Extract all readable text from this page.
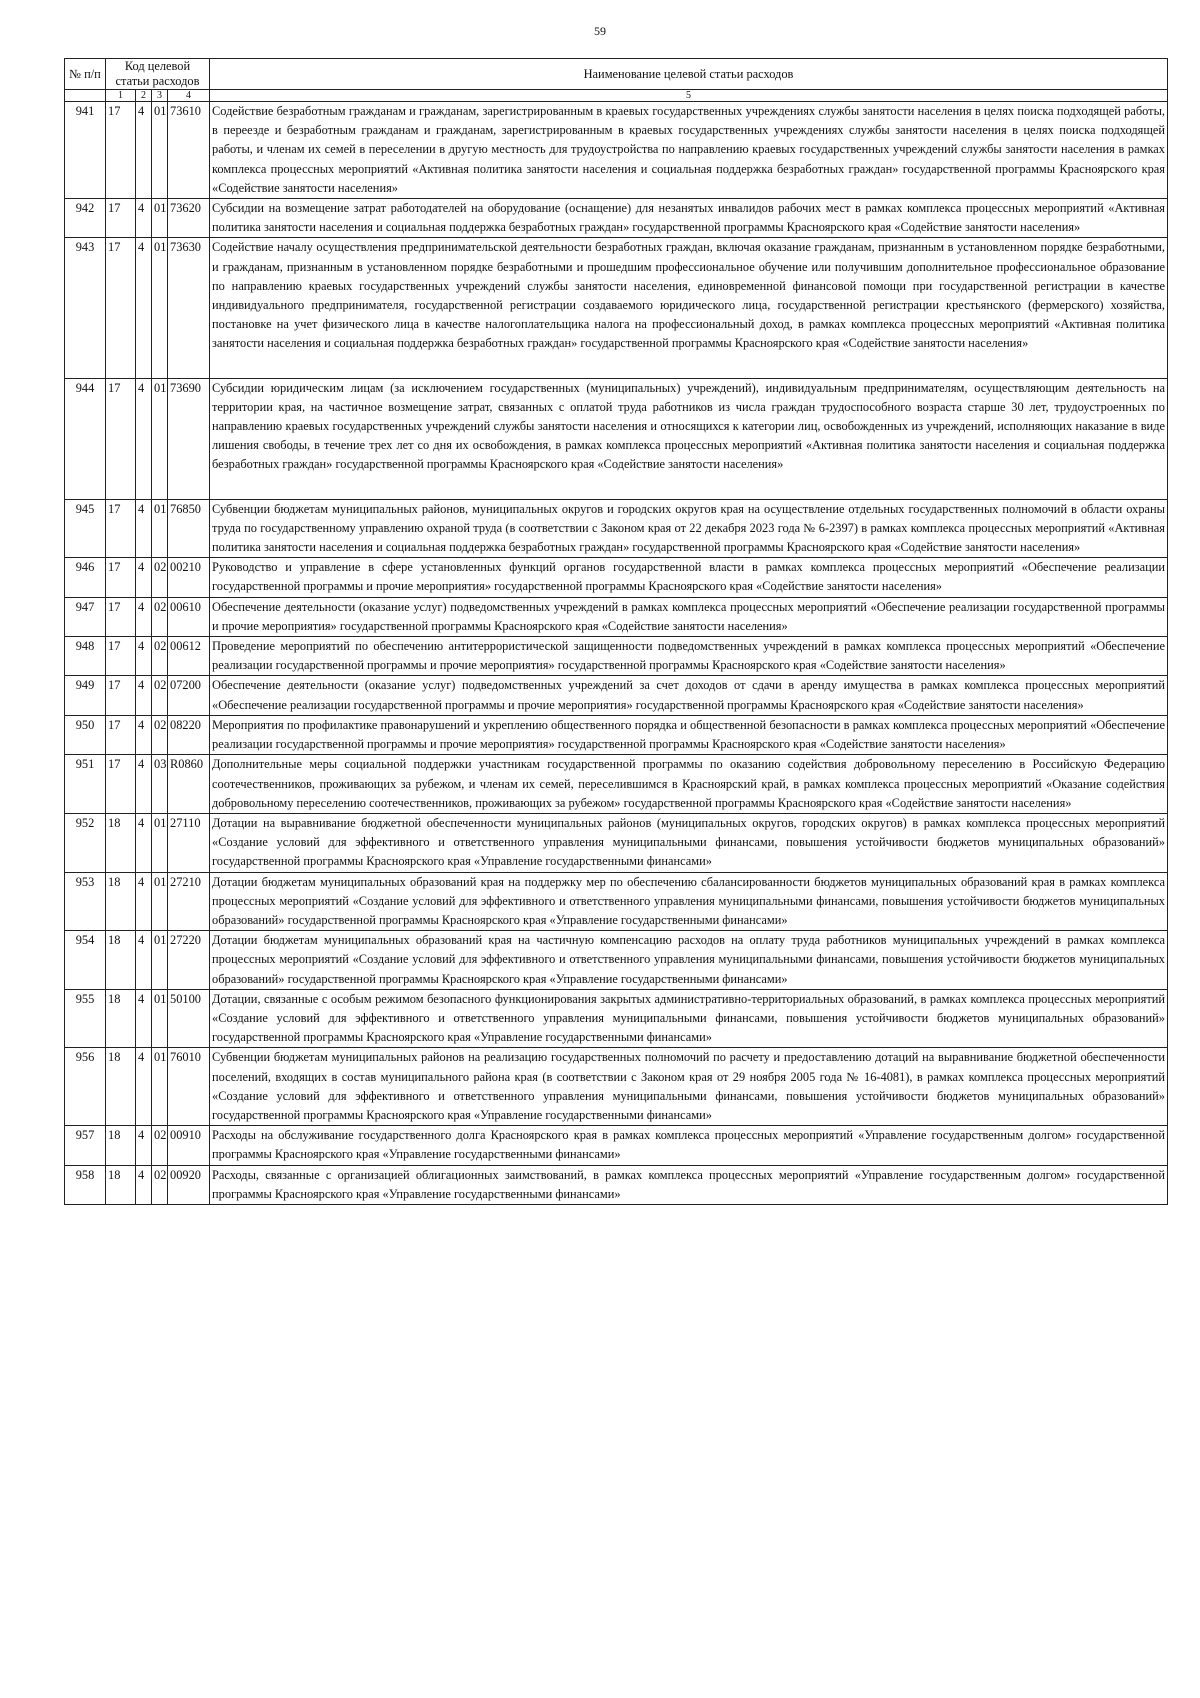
59
№ п/п	Код целевой статьи расходов				Наименование целевой статьи расходов

	1	2	3	4	5
941	17	4	01	73610	Содействие безработным гражданам и гражданам, зарегистрированным в краевых государственных учреждениях службы занятости населения в целях поиска подходящей работы, в переезде и безработным гражданам и гражданам, зарегистрированным в краевых государственных учреждениях службы занятости населения в целях поиска подходящей работы, и членам их семей в переселении в другую местность для трудоустройства по направлению краевых государственных учреждений службы занятости населения в рамках комплекса процессных мероприятий «Активная политика занятости населения и социальная поддержка безработных граждан» государственной программы Красноярского края «Содействие занятости населения»
942	17	4	01	73620	Субсидии на возмещение затрат работодателей на оборудование (оснащение) для незанятых инвалидов рабочих мест в рамках комплекса процессных мероприятий «Активная политика занятости населения и социальная поддержка безработных граждан» государственной программы Красноярского края «Содействие занятости населения»
943	17	4	01	73630	Содействие началу осуществления предпринимательской деятельности безработных граждан, включая оказание гражданам, признанным в установленном порядке безработными, и гражданам, признанным в установленном порядке безработными и прошедшим профессиональное обучение или получившим дополнительное профессиональное образование по направлению краевых государственных учреждений службы занятости населения, единовременной финансовой помощи при государственной регистрации в качестве индивидуального предпринимателя, государственной регистрации создаваемого юридического лица, государственной регистрации крестьянского (фермерского) хозяйства, постановке на учет физического лица в качестве налогоплательщика налога на профессиональный доход, в рамках комплекса процессных мероприятий «Активная политика занятости населения и социальная поддержка безработных граждан» государственной программы Красноярского края «Содействие занятости населения»
944	17	4	01	73690	Субсидии юридическим лицам (за исключением государственных (муниципальных) учреждений), индивидуальным предпринимателям, осуществляющим деятельность на территории края, на частичное возмещение затрат, связанных с оплатой труда работников из числа граждан трудоспособного возраста старше 30 лет, трудоустроенных по направлению краевых государственных учреждений службы занятости населения и относящихся к категории лиц, освобожденных из учреждений, исполняющих наказание в виде лишения свободы, в течение трех лет со дня их освобождения, в рамках комплекса процессных мероприятий «Активная политика занятости населения и социальная поддержка безработных граждан» государственной программы Красноярского края «Содействие занятости населения»
945	17	4	01	76850	Субвенции бюджетам муниципальных районов, муниципальных округов и городских округов края на осуществление отдельных государственных полномочий в области охраны труда по государственному управлению охраной труда (в соответствии с Законом края от 22 декабря 2023 года № 6-2397) в рамках комплекса процессных мероприятий «Активная политика занятости населения и социальная поддержка безработных граждан» государственной программы Красноярского края «Содействие занятости населения»
946	17	4	02	00210	Руководство и управление в сфере установленных функций органов государственной власти в рамках комплекса процессных мероприятий «Обеспечение реализации государственной программы и прочие мероприятия» государственной программы Красноярского края «Содействие занятости населения»
947	17	4	02	00610	Обеспечение деятельности (оказание услуг) подведомственных учреждений в рамках комплекса процессных мероприятий «Обеспечение реализации государственной программы и прочие мероприятия» государственной программы Красноярского края «Содействие занятости населения»
948	17	4	02	00612	Проведение мероприятий по обеспечению антитеррористической защищенности подведомственных учреждений в рамках комплекса процессных мероприятий «Обеспечение реализации государственной программы и прочие мероприятия» государственной программы Красноярского края «Содействие занятости населения»
949	17	4	02	07200	Обеспечение деятельности (оказание услуг) подведомственных учреждений за счет доходов от сдачи в аренду имущества в рамках комплекса процессных мероприятий «Обеспечение реализации государственной программы и прочие мероприятия» государственной программы Красноярского края «Содействие занятости населения»
950	17	4	02	08220	Мероприятия по профилактике правонарушений и укреплению общественного порядка и общественной безопасности в рамках комплекса процессных мероприятий «Обеспечение реализации государственной программы и прочие мероприятия» государственной программы Красноярского края «Содействие занятости населения»
951	17	4	03	R0860	Дополнительные меры социальной поддержки участникам государственной программы по оказанию содействия добровольному переселению в Российскую Федерацию соотечественников, проживающих за рубежом, и членам их семей, переселившимся в Красноярский край, в рамках комплекса процессных мероприятий «Оказание содействия добровольному переселению соотечественников, проживающих за рубежом» государственной программы Красноярского края «Содействие занятости населения»
952	18	4	01	27110	Дотации на выравнивание бюджетной обеспеченности муниципальных районов (муниципальных округов, городских округов) в рамках комплекса процессных мероприятий «Создание условий для эффективного и ответственного управления муниципальными финансами, повышения устойчивости бюджетов муниципальных образований» государственной программы Красноярского края «Управление государственными финансами»
953	18	4	01	27210	Дотации бюджетам муниципальных образований края на поддержку мер по обеспечению сбалансированности бюджетов муниципальных образований края в рамках комплекса процессных мероприятий «Создание условий для эффективного и ответственного управления муниципальными финансами, повышения устойчивости бюджетов муниципальных образований» государственной программы Красноярского края «Управление государственными финансами»
954	18	4	01	27220	Дотации бюджетам муниципальных образований края на частичную компенсацию расходов на оплату труда работников муниципальных учреждений в рамках комплекса процессных мероприятий «Создание условий для эффективного и ответственного управления муниципальными финансами, повышения устойчивости бюджетов муниципальных образований» государственной программы Красноярского края «Управление государственными финансами»
955	18	4	01	50100	Дотации, связанные с особым режимом безопасного функционирования закрытых административно-территориальных образований, в рамках комплекса процессных мероприятий «Создание условий для эффективного и ответственного управления муниципальными финансами, повышения устойчивости бюджетов муниципальных образований» государственной программы Красноярского края «Управление государственными финансами»
956	18	4	01	76010	Субвенции бюджетам муниципальных районов на реализацию государственных полномочий по расчету и предоставлению дотаций на выравнивание бюджетной обеспеченности поселений, входящих в состав муниципального района края (в соответствии с Законом края от 29 ноября 2005 года № 16-4081), в рамках комплекса процессных мероприятий «Создание условий для эффективного и ответственного управления муниципальными финансами, повышения устойчивости бюджетов муниципальных образований» государственной программы Красноярского края «Управление государственными финансами»
957	18	4	02	00910	Расходы на обслуживание государственного долга Красноярского края в рамках комплекса процессных мероприятий «Управление государственным долгом» государственной программы Красноярского края «Управление государственными финансами»
958	18	4	02	00920	Расходы, связанные с организацией облигационных заимствований, в рамках комплекса процессных мероприятий «Управление государственным долгом» государственной программы Красноярского края «Управление государственными финансами»
